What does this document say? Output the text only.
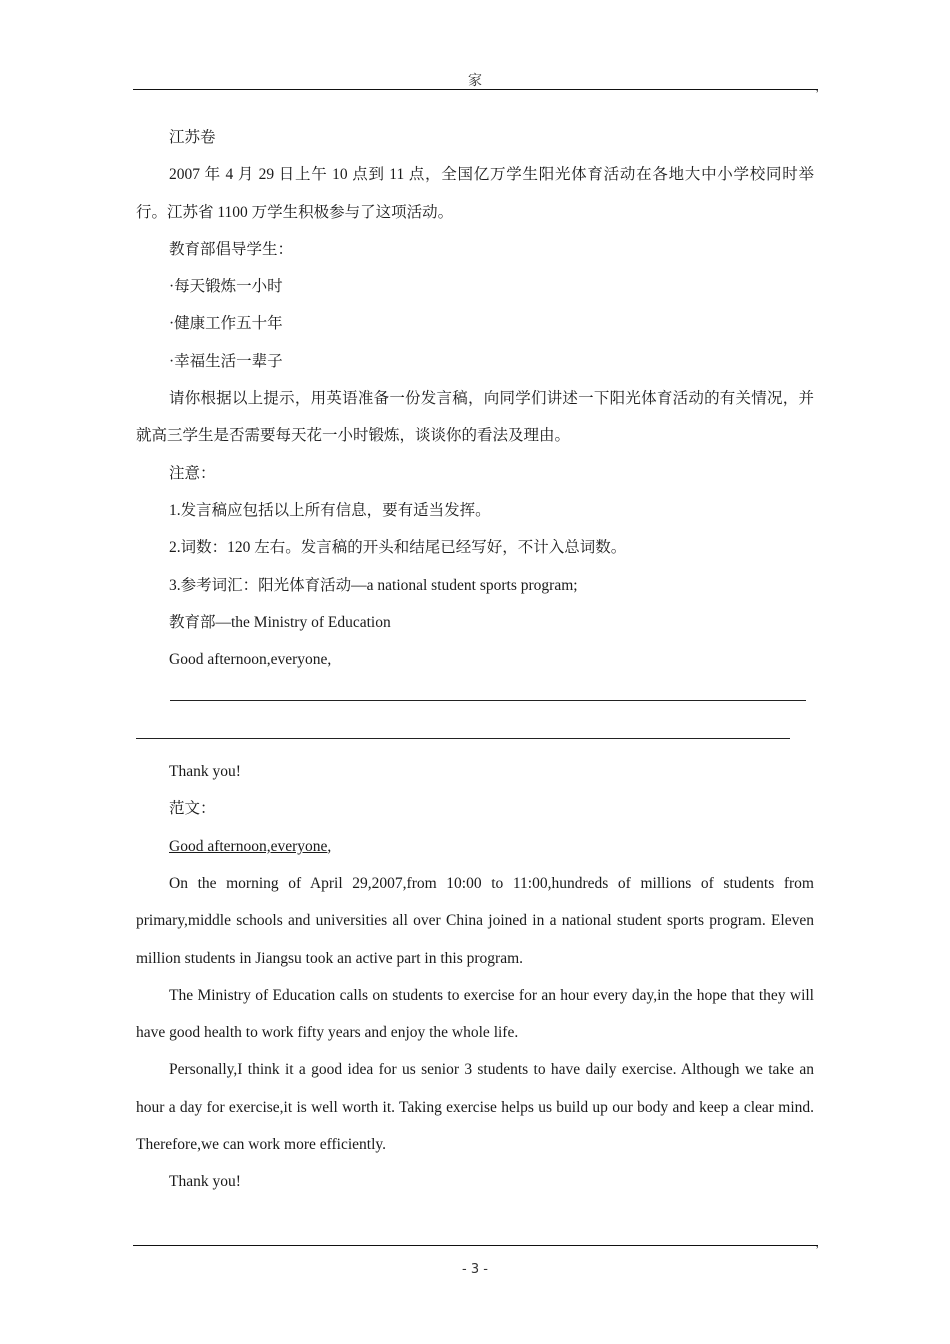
家	,

江苏卷

2007 年 4 月 29 日上午 10 点到 11 点，全国亿万学生阳光体育活动在各地大中小学校同时举行。江苏省 1100 万学生积极参与了这项活动。

教育部倡导学生：

·每天锻炼一小时

·健康工作五十年

·幸福生活一辈子

请你根据以上提示，用英语准备一份发言稿，向同学们讲述一下阳光体育活动的有关情况，并就高三学生是否需要每天花一小时锻炼，谈谈你的看法及理由。

注意：

1.发言稿应包括以上所有信息，要有适当发挥。

2.词数：120 左右。发言稿的开头和结尾已经写好，不计入总词数。

3.参考词汇：阳光体育活动—a national student sports program;

教育部—the Ministry of Education

Good afternoon,everyone,

Thank you!

范文：

Good afternoon,everyone,

On the morning of April 29,2007,from 10:00 to 11:00,hundreds of millions of students from primary,middle schools and universities all over China joined in a national student sports program. Eleven million students in Jiangsu took an active part in this program.

The Ministry of Education calls on students to exercise for an hour every day,in the hope that they will have good health to work fifty years and enjoy the whole life.

Personally,I think it a good idea for us senior 3 students to have daily exercise. Although we take an hour a day for exercise,it is well worth it. Taking exercise helps us build up our body and keep a clear mind. Therefore,we can work more efficiently.

Thank you!

,
- 3 -
